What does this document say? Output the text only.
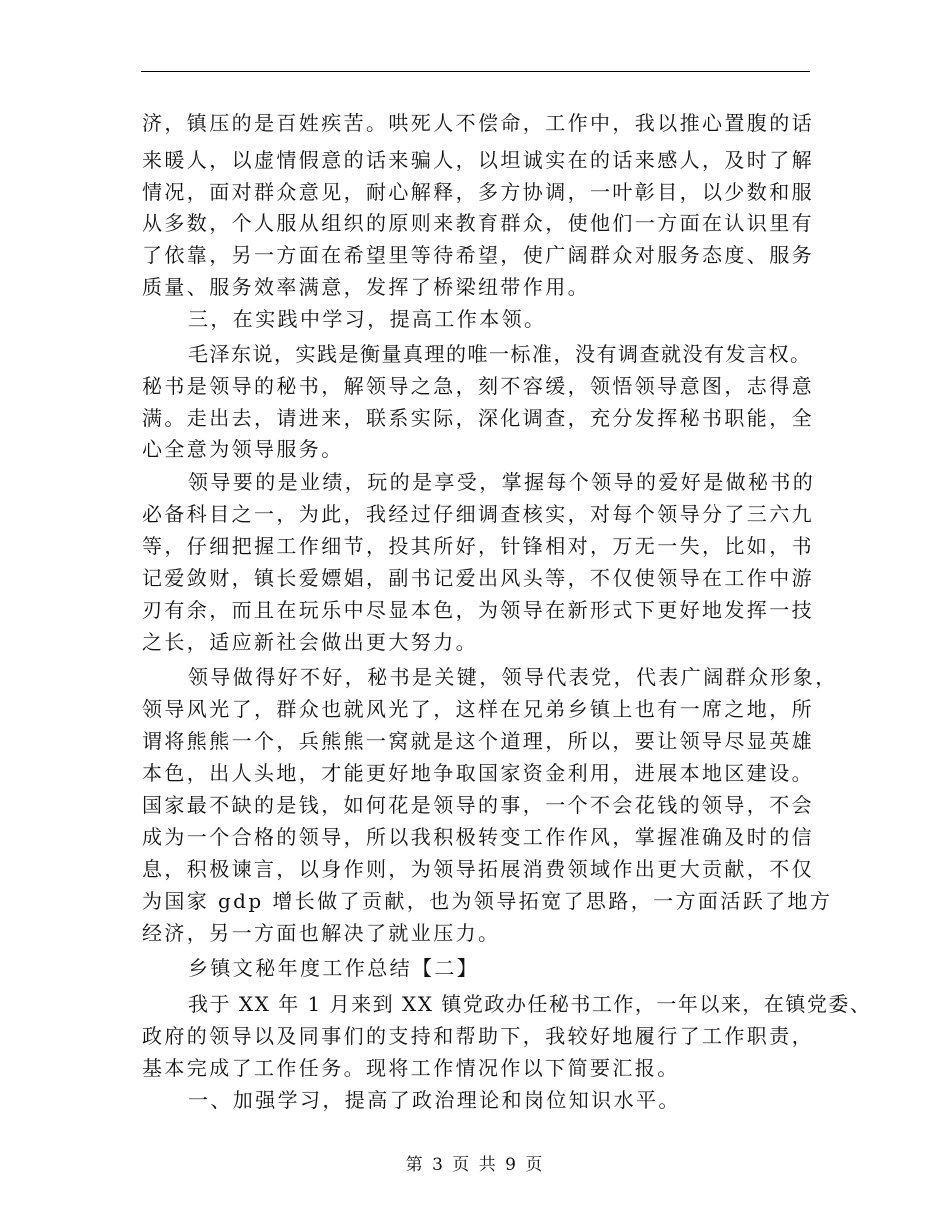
济，镇压的是百姓疾苦。哄死人不偿命，工作中，我以推心置腹的话
来暖人，以虚情假意的话来骗人，以坦诚实在的话来感人，及时了解
情况，面对群众意见，耐心解释，多方协调，一叶彰目，以少数和服
从多数，个人服从组织的原则来教育群众，使他们一方面在认识里有
了依靠，另一方面在希望里等待希望，使广阔群众对服务态度、服务
质量、服务效率满意，发挥了桥梁纽带作用。
三，在实践中学习，提高工作本领。
毛泽东说，实践是衡量真理的唯一标准，没有调查就没有发言权。
秘书是领导的秘书，解领导之急，刻不容缓，领悟领导意图，志得意
满。走出去，请进来，联系实际，深化调查，充分发挥秘书职能，全
心全意为领导服务。
领导要的是业绩，玩的是享受，掌握每个领导的爱好是做秘书的
必备科目之一，为此，我经过仔细调查核实，对每个领导分了三六九
等，仔细把握工作细节，投其所好，针锋相对，万无一失，比如，书
记爱敛财，镇长爱嫖娼，副书记爱出风头等，不仅使领导在工作中游
刃有余，而且在玩乐中尽显本色，为领导在新形式下更好地发挥一技
之长，适应新社会做出更大努力。
领导做得好不好，秘书是关键，领导代表党，代表广阔群众形象，
领导风光了，群众也就风光了，这样在兄弟乡镇上也有一席之地，所
谓将熊熊一个，兵熊熊一窝就是这个道理，所以，要让领导尽显英雄
本色，出人头地，才能更好地争取国家资金利用，进展本地区建设。
国家最不缺的是钱，如何花是领导的事，一个不会花钱的领导，不会
成为一个合格的领导，所以我积极转变工作作风，掌握准确及时的信
息，积极谏言，以身作则，为领导拓展消费领域作出更大贡献，不仅
为国家 gdp 增长做了贡献，也为领导拓宽了思路，一方面活跃了地方
经济，另一方面也解决了就业压力。
乡镇文秘年度工作总结【二】
我于 XX 年 1 月来到 XX 镇党政办任秘书工作，一年以来，在镇党委、
政府的领导以及同事们的支持和帮助下，我较好地履行了工作职责，
基本完成了工作任务。现将工作情况作以下简要汇报。
一、加强学习，提高了政治理论和岗位知识水平。
第 3 页 共 9 页
